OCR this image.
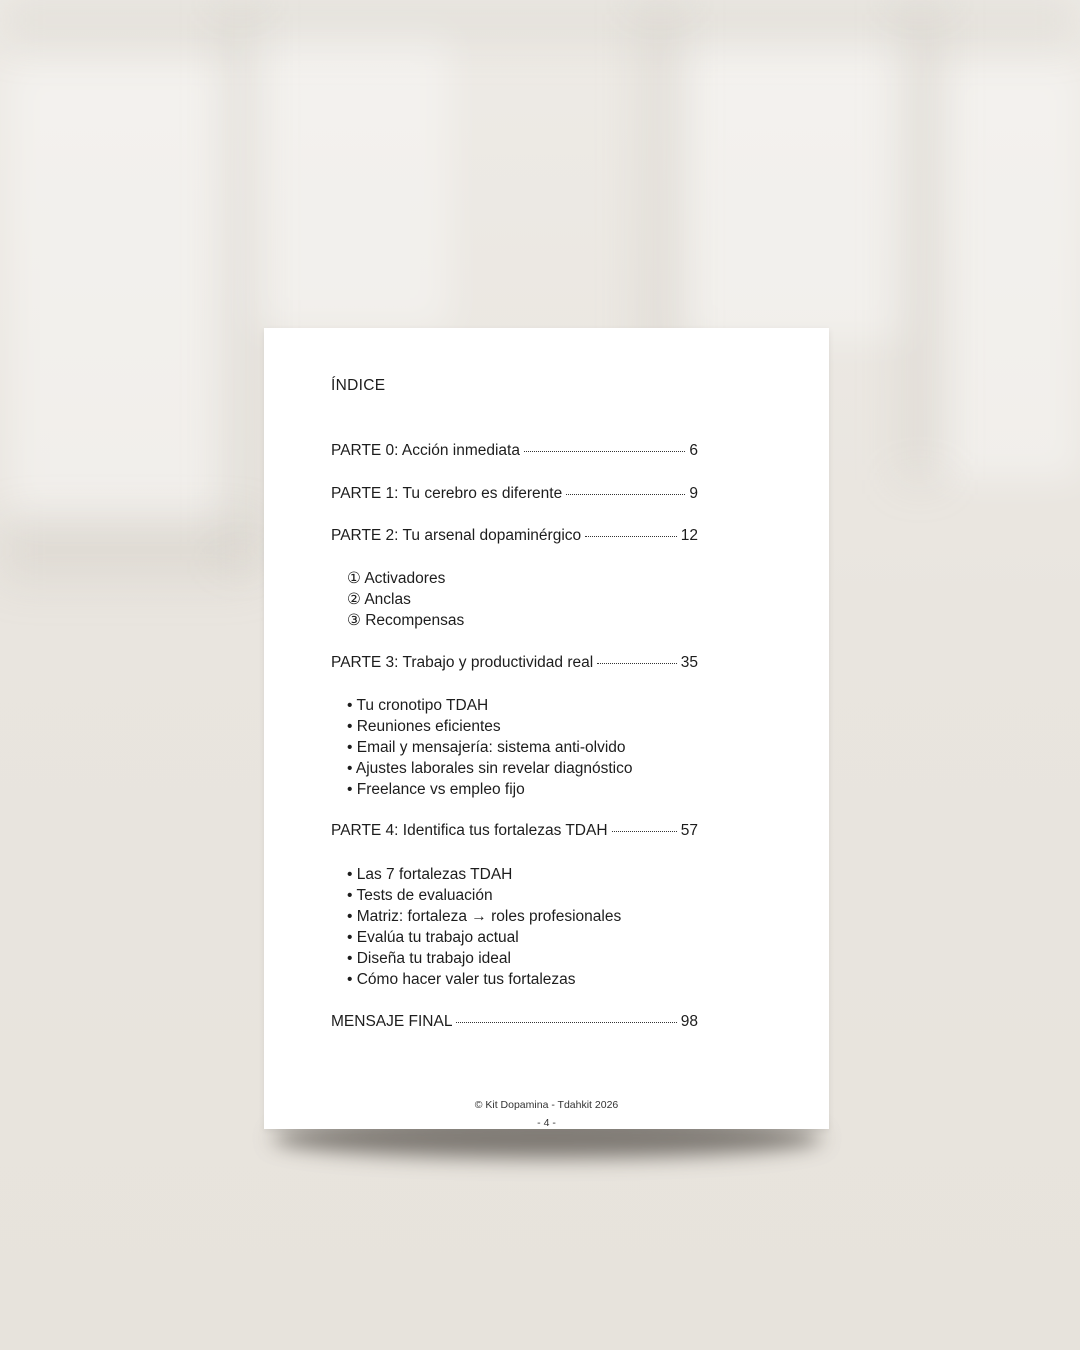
ÍNDICE
PARTE 0: Acción inmediata	6
PARTE 1: Tu cerebro es diferente	9
PARTE 2: Tu arsenal dopaminérgico	12
① Activadores
② Anclas
③ Recompensas
PARTE 3: Trabajo y productividad real	35
• Tu cronotipo TDAH
• Reuniones eficientes
• Email y mensajería: sistema anti-olvido
• Ajustes laborales sin revelar diagnóstico
• Freelance vs empleo fijo
PARTE 4: Identifica tus fortalezas TDAH	57
• Las 7 fortalezas TDAH
• Tests de evaluación
• Matriz: fortaleza → roles profesionales
• Evalúa tu trabajo actual
• Diseña tu trabajo ideal
• Cómo hacer valer tus fortalezas
MENSAJE FINAL	98
© Kit Dopamina - Tdahkit 2026
- 4 -
